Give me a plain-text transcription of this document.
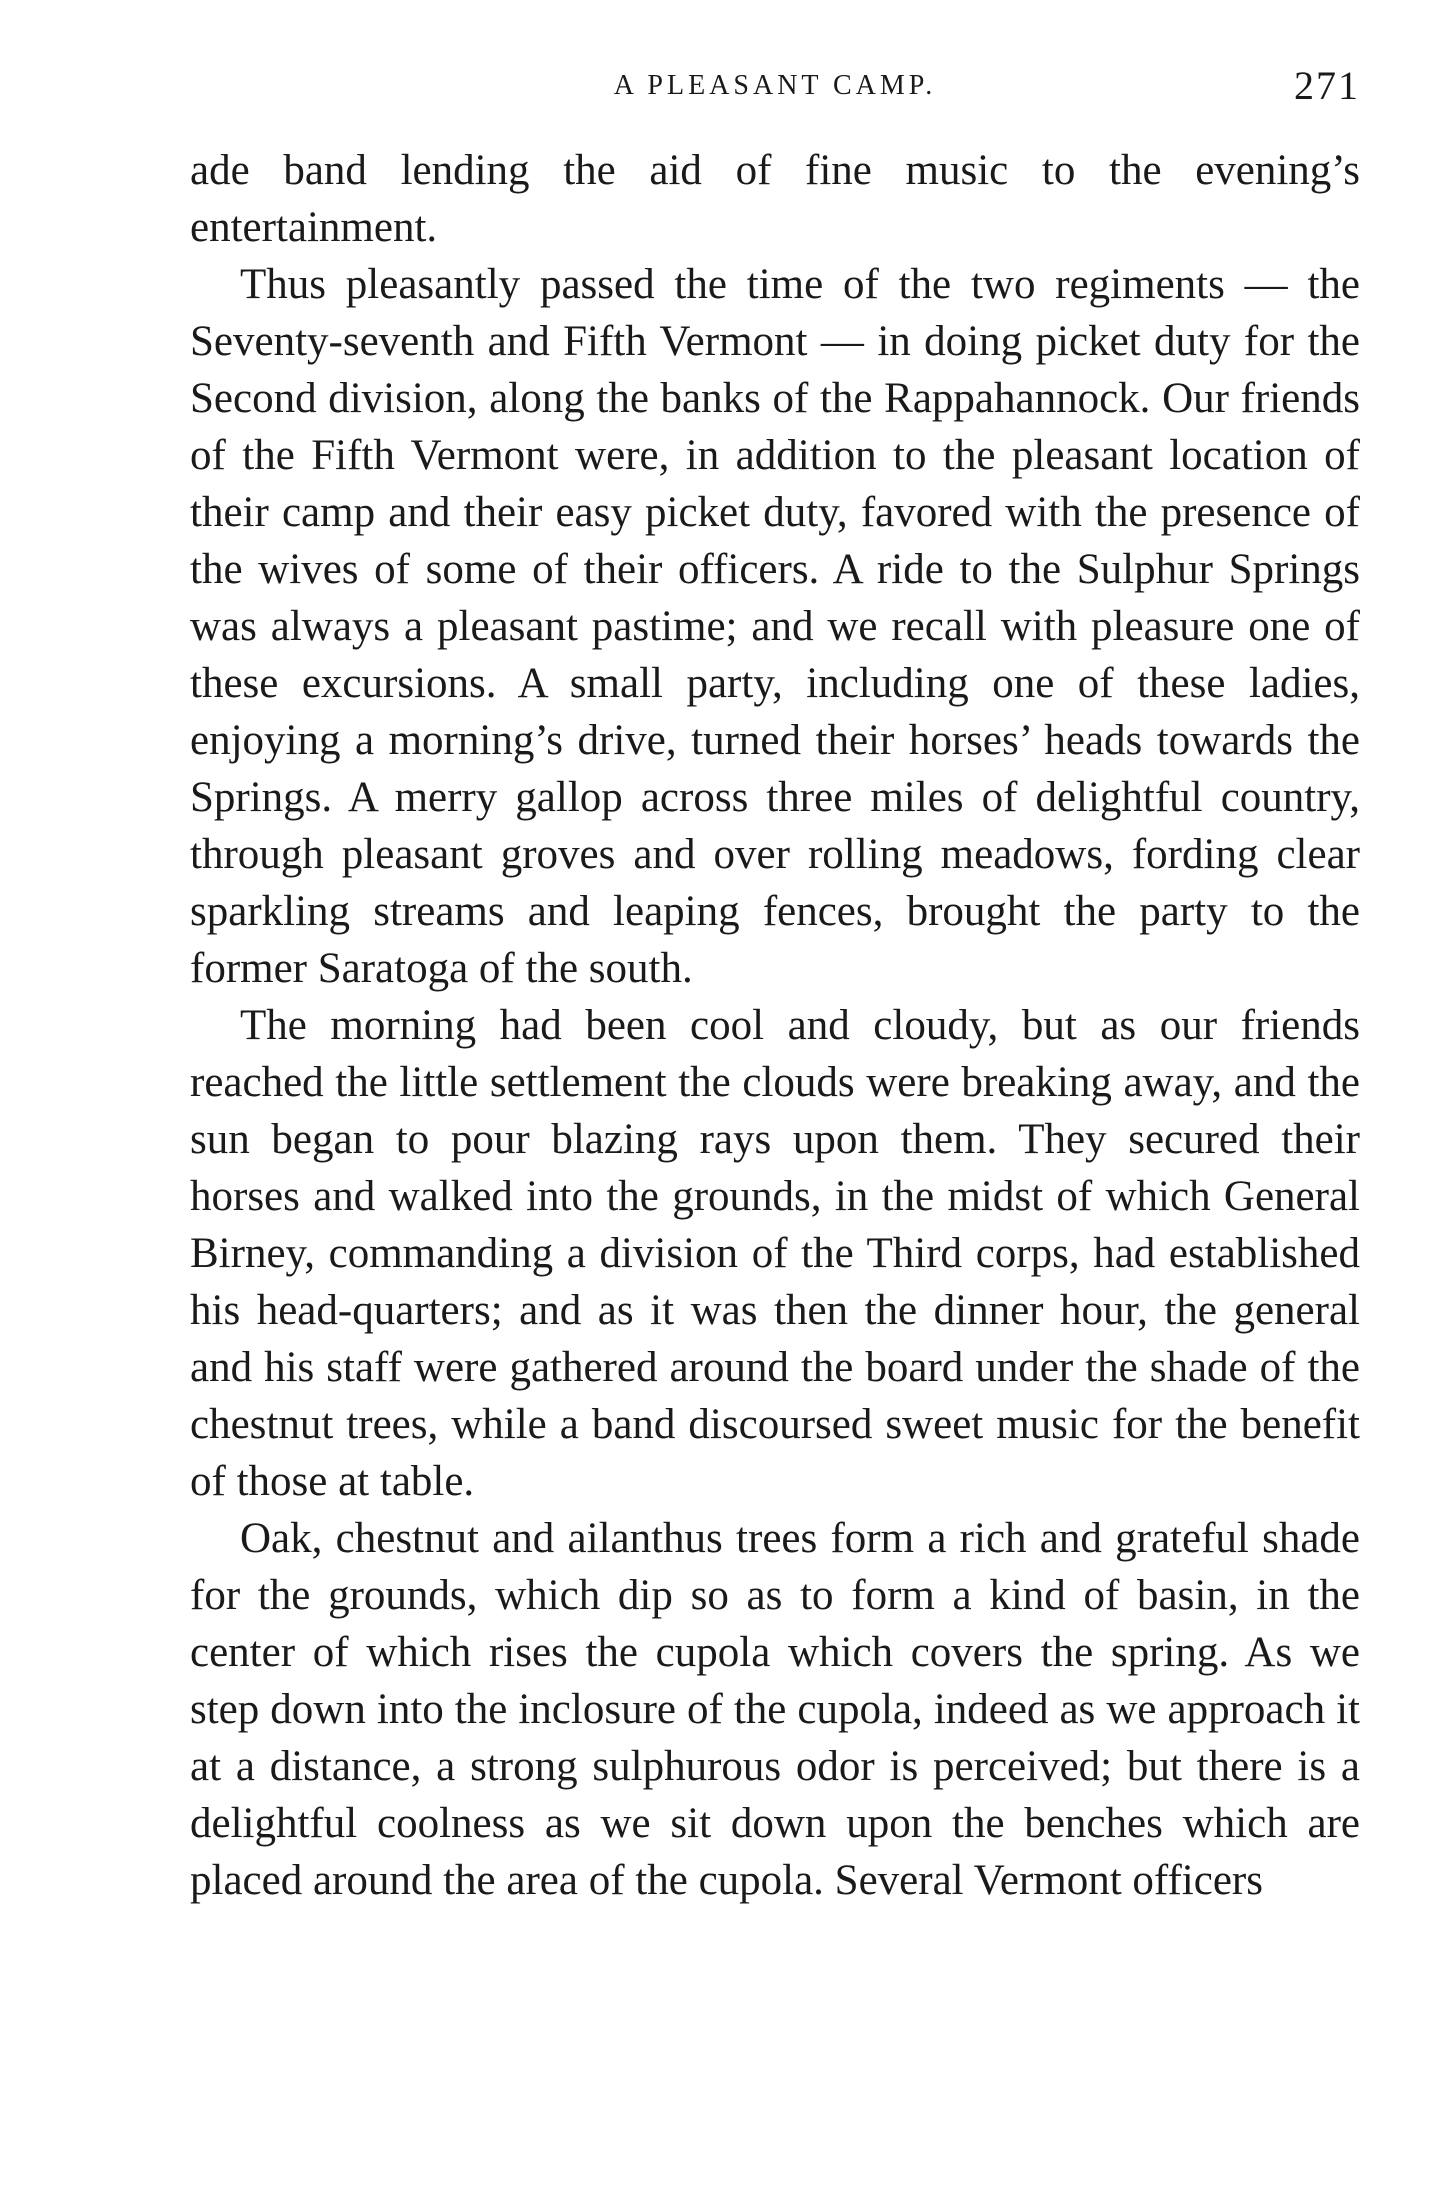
A PLEASANT CAMP.	271

ade band lending the aid of fine music to the evening’s entertainment.

Thus pleasantly passed the time of the two regiments — the Seventy-seventh and Fifth Vermont — in doing picket duty for the Second division, along the banks of the Rappahannock. Our friends of the Fifth Vermont were, in addition to the pleasant location of their camp and their easy picket duty, favored with the presence of the wives of some of their officers. A ride to the Sulphur Springs was always a pleasant pastime; and we recall with pleasure one of these excursions. A small party, including one of these ladies, enjoying a morning’s drive, turned their horses’ heads towards the Springs. A merry gallop across three miles of delightful country, through pleasant groves and over rolling meadows, fording clear sparkling streams and leaping fences, brought the party to the former Saratoga of the south.

The morning had been cool and cloudy, but as our friends reached the little settlement the clouds were breaking away, and the sun began to pour blazing rays upon them. They secured their horses and walked into the grounds, in the midst of which General Birney, commanding a division of the Third corps, had established his head-quarters; and as it was then the dinner hour, the general and his staff were gathered around the board under the shade of the chestnut trees, while a band discoursed sweet music for the benefit of those at table.

Oak, chestnut and ailanthus trees form a rich and grateful shade for the grounds, which dip so as to form a kind of basin, in the center of which rises the cupola which covers the spring. As we step down into the inclosure of the cupola, indeed as we approach it at a distance, a strong sulphurous odor is perceived; but there is a delightful coolness as we sit down upon the benches which are placed around the area of the cupola. Several Vermont officers
